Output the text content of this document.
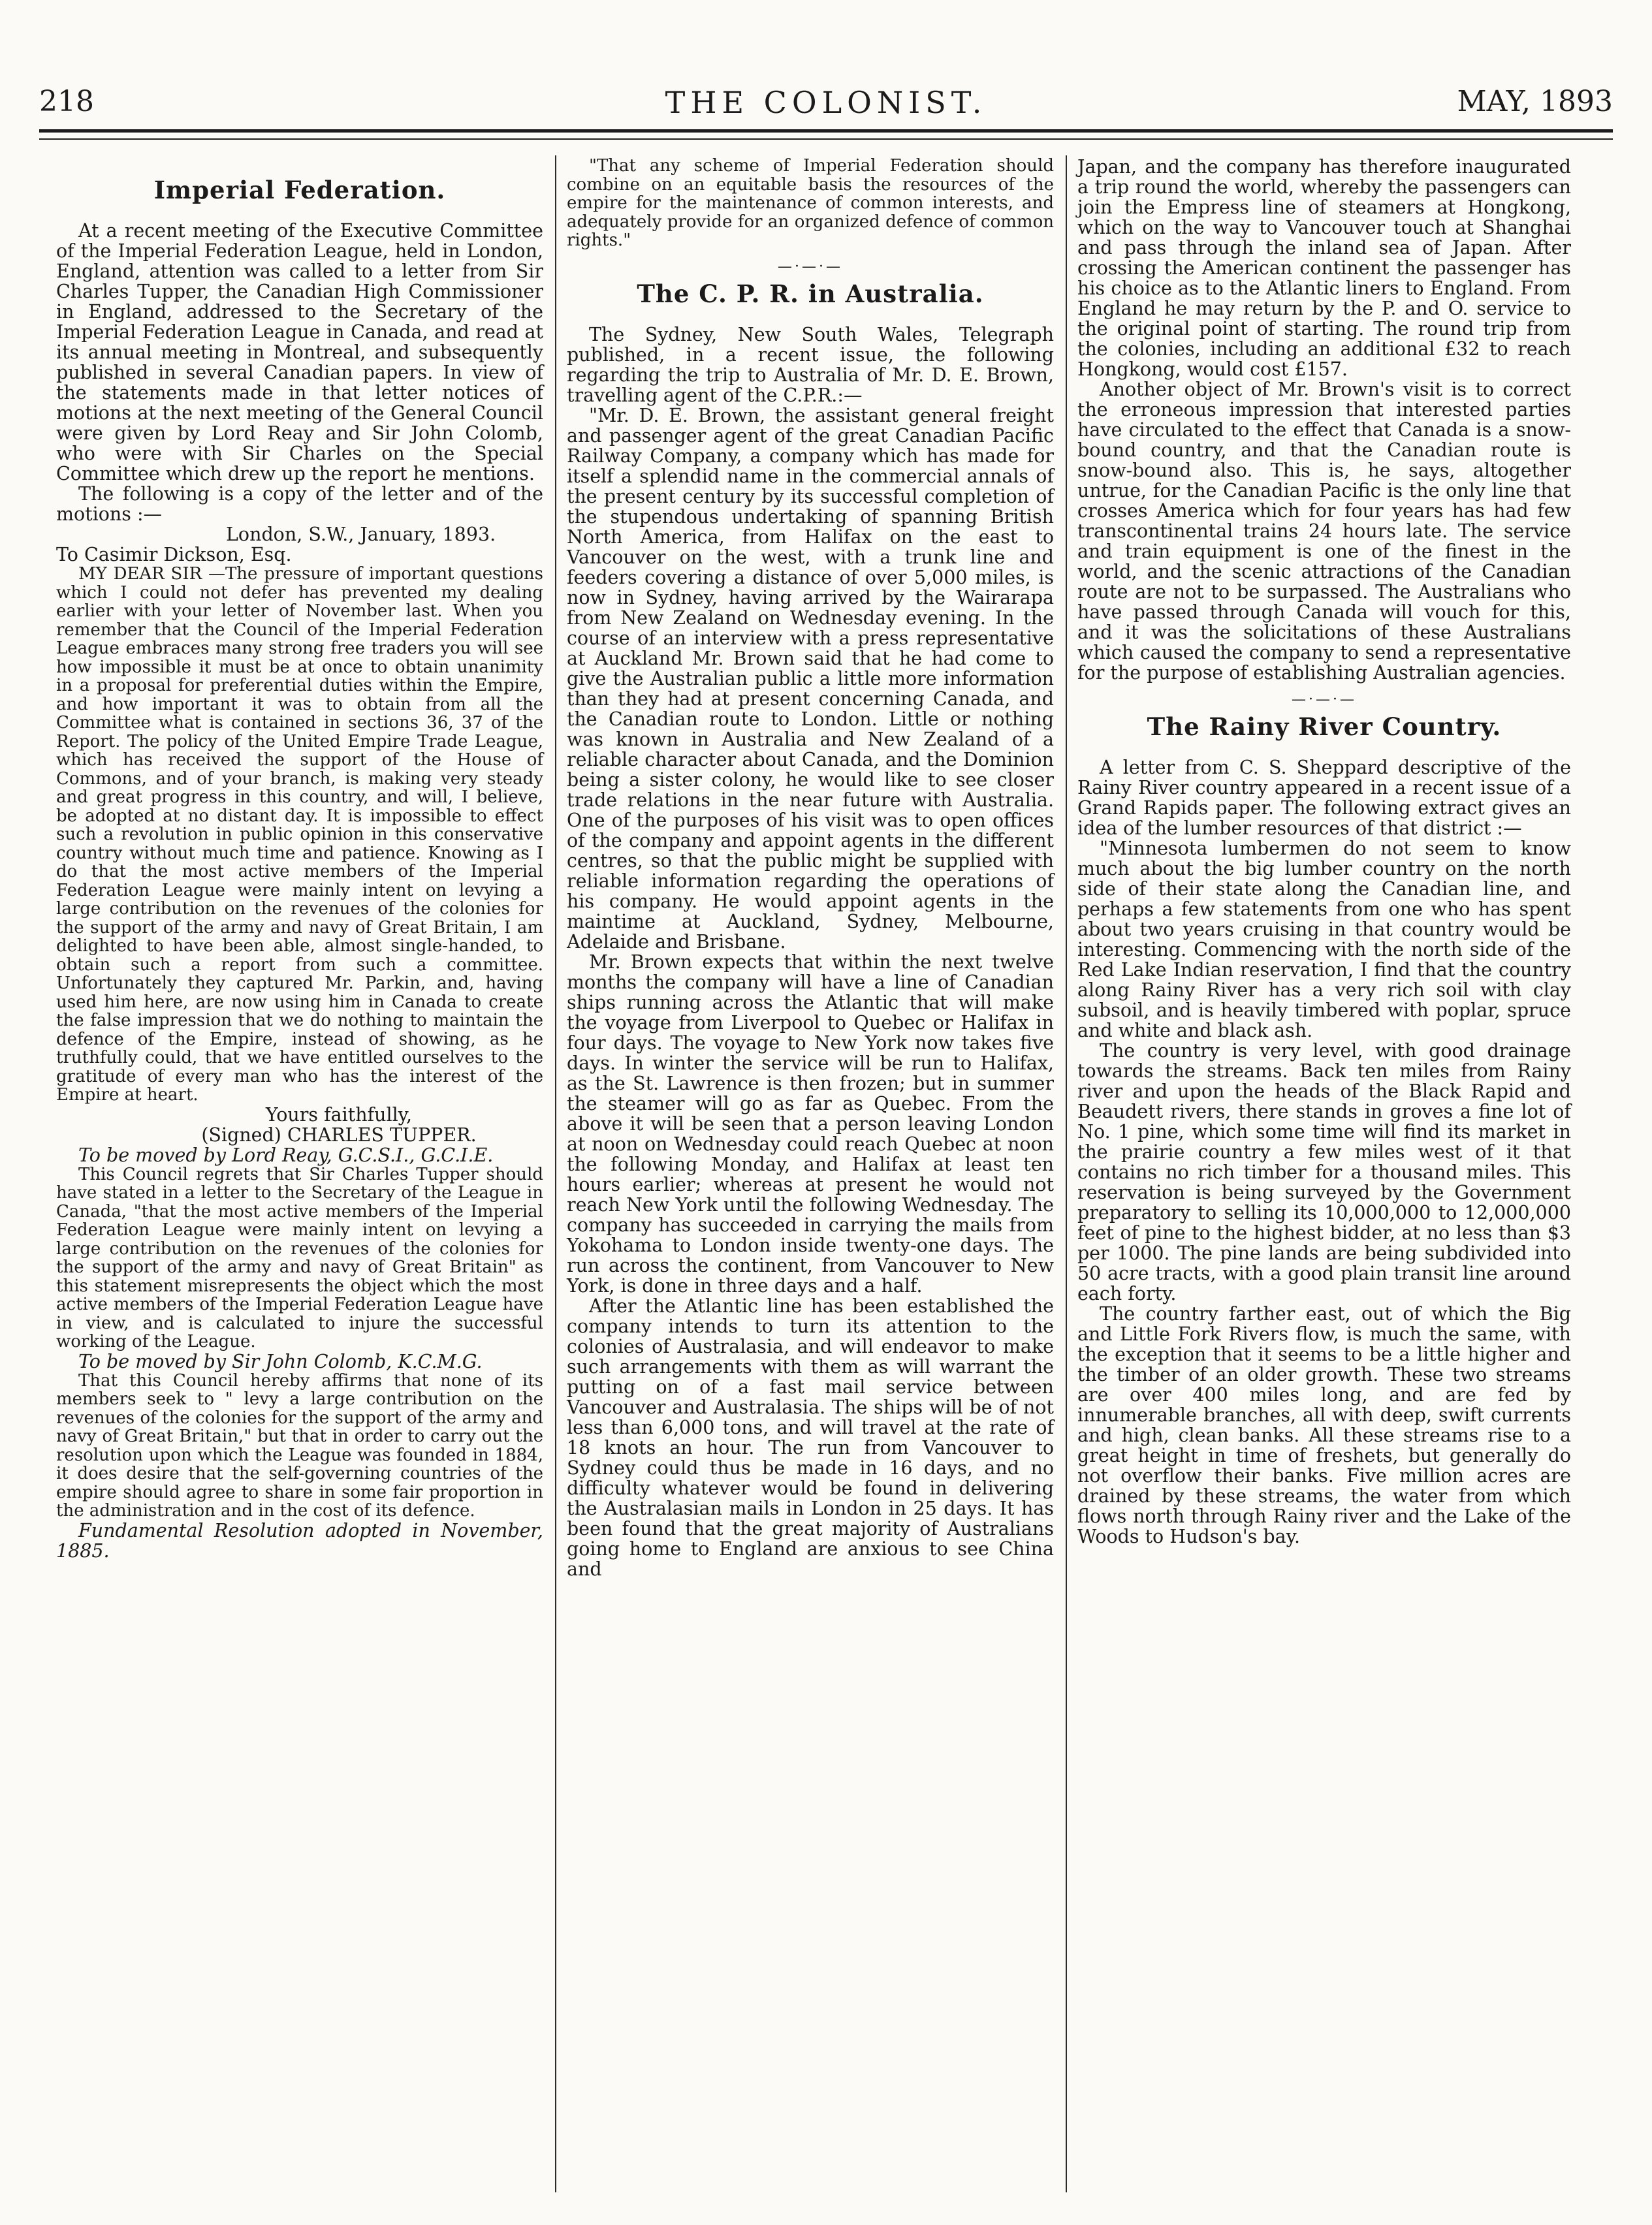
218	THE COLONIST.	MAY, 1893
Imperial Federation.

At a recent meeting of the Executive Committee of the Imperial Federation League, held in London, England, attention was called to a letter from Sir Charles Tupper, the Canadian High Commissioner in England, addressed to the Secretary of the Imperial Federation League in Canada, and read at its annual meeting in Montreal, and subsequently published in several Canadian papers. In view of the statements made in that letter notices of motions at the next meeting of the General Council were given by Lord Reay and Sir John Colomb, who were with Sir Charles on the Special Committee which drew up the report he mentions.

The following is a copy of the letter and of the motions :—

London, S.W., January, 1893.

To Casimir Dickson, Esq.

MY DEAR SIR —The pressure of important questions which I could not defer has prevented my dealing earlier with your letter of November last. When you remember that the Council of the Imperial Federation League embraces many strong free traders you will see how impossible it must be at once to obtain unanimity in a proposal for preferential duties within the Empire, and how important it was to obtain from all the Committee what is contained in sections 36, 37 of the Report. The policy of the United Empire Trade League, which has received the support of the House of Commons, and of your branch, is making very steady and great progress in this country, and will, I believe, be adopted at no distant day. It is impossible to effect such a revolution in public opinion in this conservative country without much time and patience. Knowing as I do that the most active members of the Imperial Federation League were mainly intent on levying a large contribution on the revenues of the colonies for the support of the army and navy of Great Britain, I am delighted to have been able, almost single-handed, to obtain such a report from such a committee. Unfortunately they captured Mr. Parkin, and, having used him here, are now using him in Canada to create the false impression that we do nothing to maintain the defence of the Empire, instead of showing, as he truthfully could, that we have entitled ourselves to the gratitude of every man who has the interest of the Empire at heart.

Yours faithfully,

(Signed) CHARLES TUPPER.

To be moved by Lord Reay, G.C.S.I., G.C.I.E.

This Council regrets that Sir Charles Tupper should have stated in a letter to the Secretary of the League in Canada, "that the most active members of the Imperial Federation League were mainly intent on levying a large contribution on the revenues of the colonies for the support of the army and navy of Great Britain" as this statement misrepresents the object which the most active members of the Imperial Federation League have in view, and is calculated to injure the successful working of the League.

To be moved by Sir John Colomb, K.C.M.G.

That this Council hereby affirms that none of its members seek to " levy a large contribution on the revenues of the colonies for the support of the army and navy of Great Britain," but that in order to carry out the resolution upon which the League was founded in 1884, it does desire that the self-governing countries of the empire should agree to share in some fair proportion in the administration and in the cost of its defence.

Fundamental Resolution adopted in November, 1885.

"That any scheme of Imperial Federation should combine on an equitable basis the resources of the empire for the maintenance of common interests, and adequately provide for an organized defence of common rights."

—·—·—
The C. P. R. in Australia.

The Sydney, New South Wales, Telegraph published, in a recent issue, the following regarding the trip to Australia of Mr. D. E. Brown, travelling agent of the C.P.R.:—

"Mr. D. E. Brown, the assistant general freight and passenger agent of the great Canadian Pacific Railway Company, a company which has made for itself a splendid name in the commercial annals of the present century by its successful completion of the stupendous undertaking of spanning British North America, from Halifax on the east to Vancouver on the west, with a trunk line and feeders covering a distance of over 5,000 miles, is now in Sydney, having arrived by the Wairarapa from New Zealand on Wednesday evening. In the course of an interview with a press representative at Auckland Mr. Brown said that he had come to give the Australian public a little more information than they had at present concerning Canada, and the Canadian route to London. Little or nothing was known in Australia and New Zealand of a reliable character about Canada, and the Dominion being a sister colony, he would like to see closer trade relations in the near future with Australia. One of the purposes of his visit was to open offices of the company and appoint agents in the different centres, so that the public might be supplied with reliable information regarding the operations of his company. He would appoint agents in the maintime at Auckland, Sydney, Melbourne, Adelaide and Brisbane.

Mr. Brown expects that within the next twelve months the company will have a line of Canadian ships running across the Atlantic that will make the voyage from Liverpool to Quebec or Halifax in four days. The voyage to New York now takes five days. In winter the service will be run to Halifax, as the St. Lawrence is then frozen; but in summer the steamer will go as far as Quebec. From the above it will be seen that a person leaving London at noon on Wednesday could reach Quebec at noon the following Monday, and Halifax at least ten hours earlier; whereas at present he would not reach New York until the following Wednesday. The company has succeeded in carrying the mails from Yokohama to London inside twenty-one days. The run across the continent, from Vancouver to New York, is done in three days and a half.

After the Atlantic line has been established the company intends to turn its attention to the colonies of Australasia, and will endeavor to make such arrangements with them as will warrant the putting on of a fast mail service between Vancouver and Australasia. The ships will be of not less than 6,000 tons, and will travel at the rate of 18 knots an hour. The run from Vancouver to Sydney could thus be made in 16 days, and no difficulty whatever would be found in delivering the Australasian mails in London in 25 days. It has been found that the great majority of Australians going home to England are anxious to see China and

Japan, and the company has therefore inaugurated a trip round the world, whereby the passengers can join the Empress line of steamers at Hongkong, which on the way to Vancouver touch at Shanghai and pass through the inland sea of Japan. After crossing the American continent the passenger has his choice as to the Atlantic liners to England. From England he may return by the P. and O. service to the original point of starting. The round trip from the colonies, including an additional £32 to reach Hongkong, would cost £157.

Another object of Mr. Brown's visit is to correct the erroneous impression that interested parties have circulated to the effect that Canada is a snow-bound country, and that the Canadian route is snow-bound also. This is, he says, altogether untrue, for the Canadian Pacific is the only line that crosses America which for four years has had few transcontinental trains 24 hours late. The service and train equipment is one of the finest in the world, and the scenic attractions of the Canadian route are not to be surpassed. The Australians who have passed through Canada will vouch for this, and it was the solicitations of these Australians which caused the company to send a representative for the purpose of establishing Australian agencies.

—·—·—
The Rainy River Country.

A letter from C. S. Sheppard descriptive of the Rainy River country appeared in a recent issue of a Grand Rapids paper. The following extract gives an idea of the lumber resources of that district :—

"Minnesota lumbermen do not seem to know much about the big lumber country on the north side of their state along the Canadian line, and perhaps a few statements from one who has spent about two years cruising in that country would be interesting. Commencing with the north side of the Red Lake Indian reservation, I find that the country along Rainy River has a very rich soil with clay subsoil, and is heavily timbered with poplar, spruce and white and black ash.

The country is very level, with good drainage towards the streams. Back ten miles from Rainy river and upon the heads of the Black Rapid and Beaudett rivers, there stands in groves a fine lot of No. 1 pine, which some time will find its market in the prairie country a few miles west of it that contains no rich timber for a thousand miles. This reservation is being surveyed by the Government preparatory to selling its 10,000,000 to 12,000,000 feet of pine to the highest bidder, at no less than $3 per 1000. The pine lands are being subdivided into 50 acre tracts, with a good plain transit line around each forty.

The country farther east, out of which the Big and Little Fork Rivers flow, is much the same, with the exception that it seems to be a little higher and the timber of an older growth. These two streams are over 400 miles long, and are fed by innumerable branches, all with deep, swift currents and high, clean banks. All these streams rise to a great height in time of freshets, but generally do not overflow their banks. Five million acres are drained by these streams, the water from which flows north through Rainy river and the Lake of the Woods to Hudson's bay.
